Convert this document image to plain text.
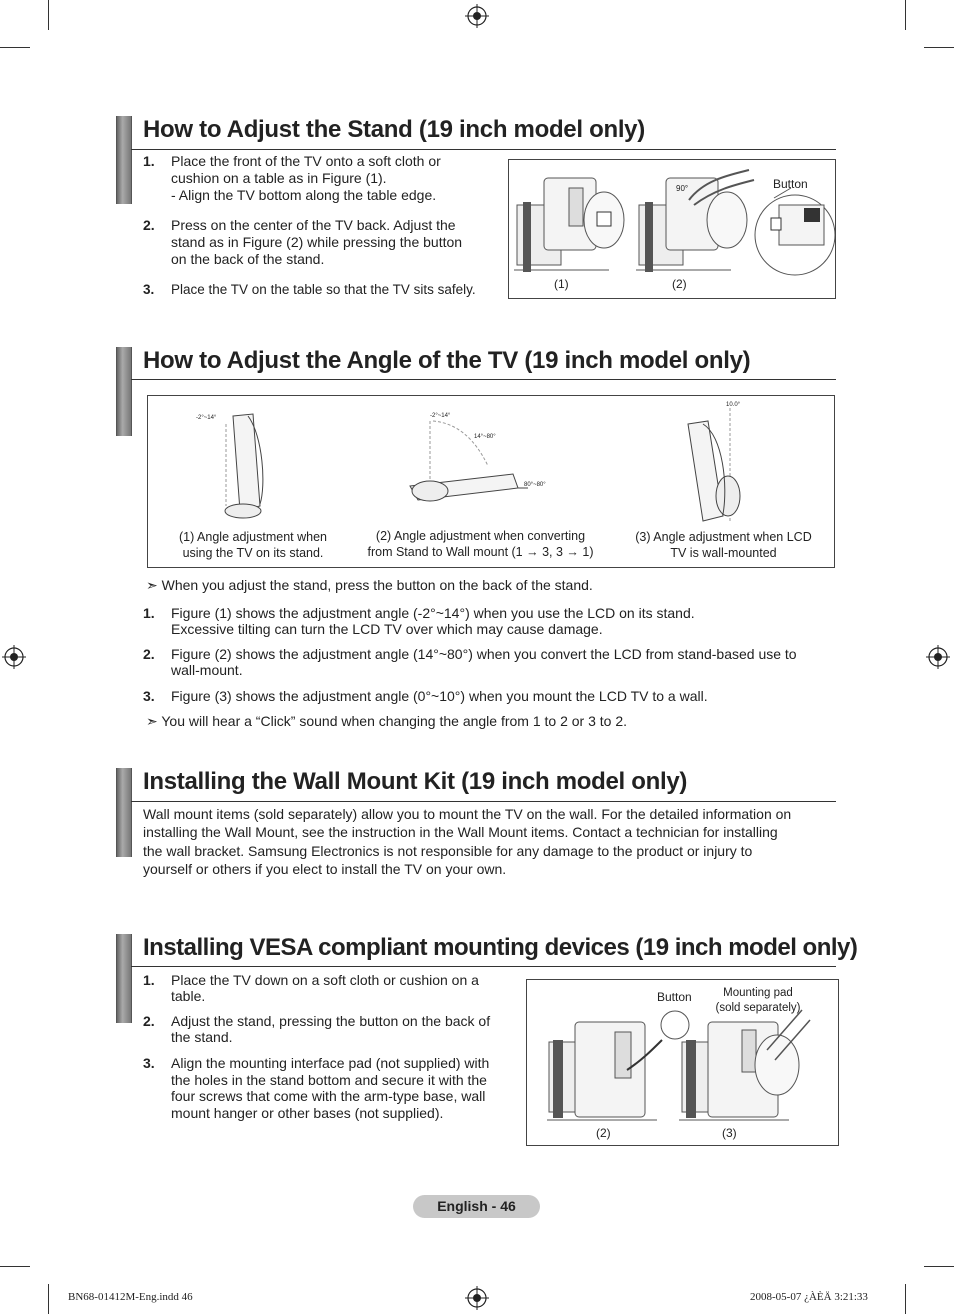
How to Adjust the Stand (19 inch model only)
1. Place the front of the TV onto a soft cloth or
cushion on a table as in Figure (1).
- Align the TV bottom along the table edge.
2. Press on the center of the TV back. Adjust the
stand as in Figure (2) while pressing the button
on the back of the stand.
3. Place the TV on the table so that the TV sits safely.
90°	Button
(1)	(2)
How to Adjust the Angle of the TV (19 inch model only)
-2°~14°	-2°~14°
14°~80°
80°~80°
10.0°
(1) Angle adjustment when
using the TV on its stand.
(2) Angle adjustment when converting
from Stand to Wall mount (1 → 3, 3 → 1)
(3) Angle adjustment when LCD
TV is wall-mounted
➣ When you adjust the stand, press the button on the back of the stand.
1. Figure (1) shows the adjustment angle (-2°~14°) when you use the LCD on its stand.
Excessive tilting can turn the LCD TV over which may cause damage.
2. Figure (2) shows the adjustment angle (14°~80°) when you convert the LCD from stand-based use to
wall-mount.
3. Figure (3) shows the adjustment angle (0°~10°) when you mount the LCD TV to a wall.
➣ You will hear a “Click” sound when changing the angle from 1 to 2 or 3 to 2.
Installing the Wall Mount Kit (19 inch model only)
Wall mount items (sold separately) allow you to mount the TV on the wall. For the detailed information on
installing the Wall Mount, see the instruction in the Wall Mount items. Contact a technician for installing
the wall bracket. Samsung Electronics is not responsible for any damage to the product or injury to
yourself or others if you elect to install the TV on your own.
Installing VESA compliant mounting devices (19 inch model only)
1. Place the TV down on a soft cloth or cushion on a
table.
2. Adjust the stand, pressing the button on the back of
the stand.
3. Align the mounting interface pad (not supplied) with
the holes in the stand bottom and secure it with the
four screws that come with the arm-type base, wall
mount hanger or other bases (not supplied).
Button	Mounting pad
(sold separately)
(2)	(3)
English - 46
BN68-01412M-Eng.indd 46	2008-05-07 ¿ÀÈÄ 3:21:33
